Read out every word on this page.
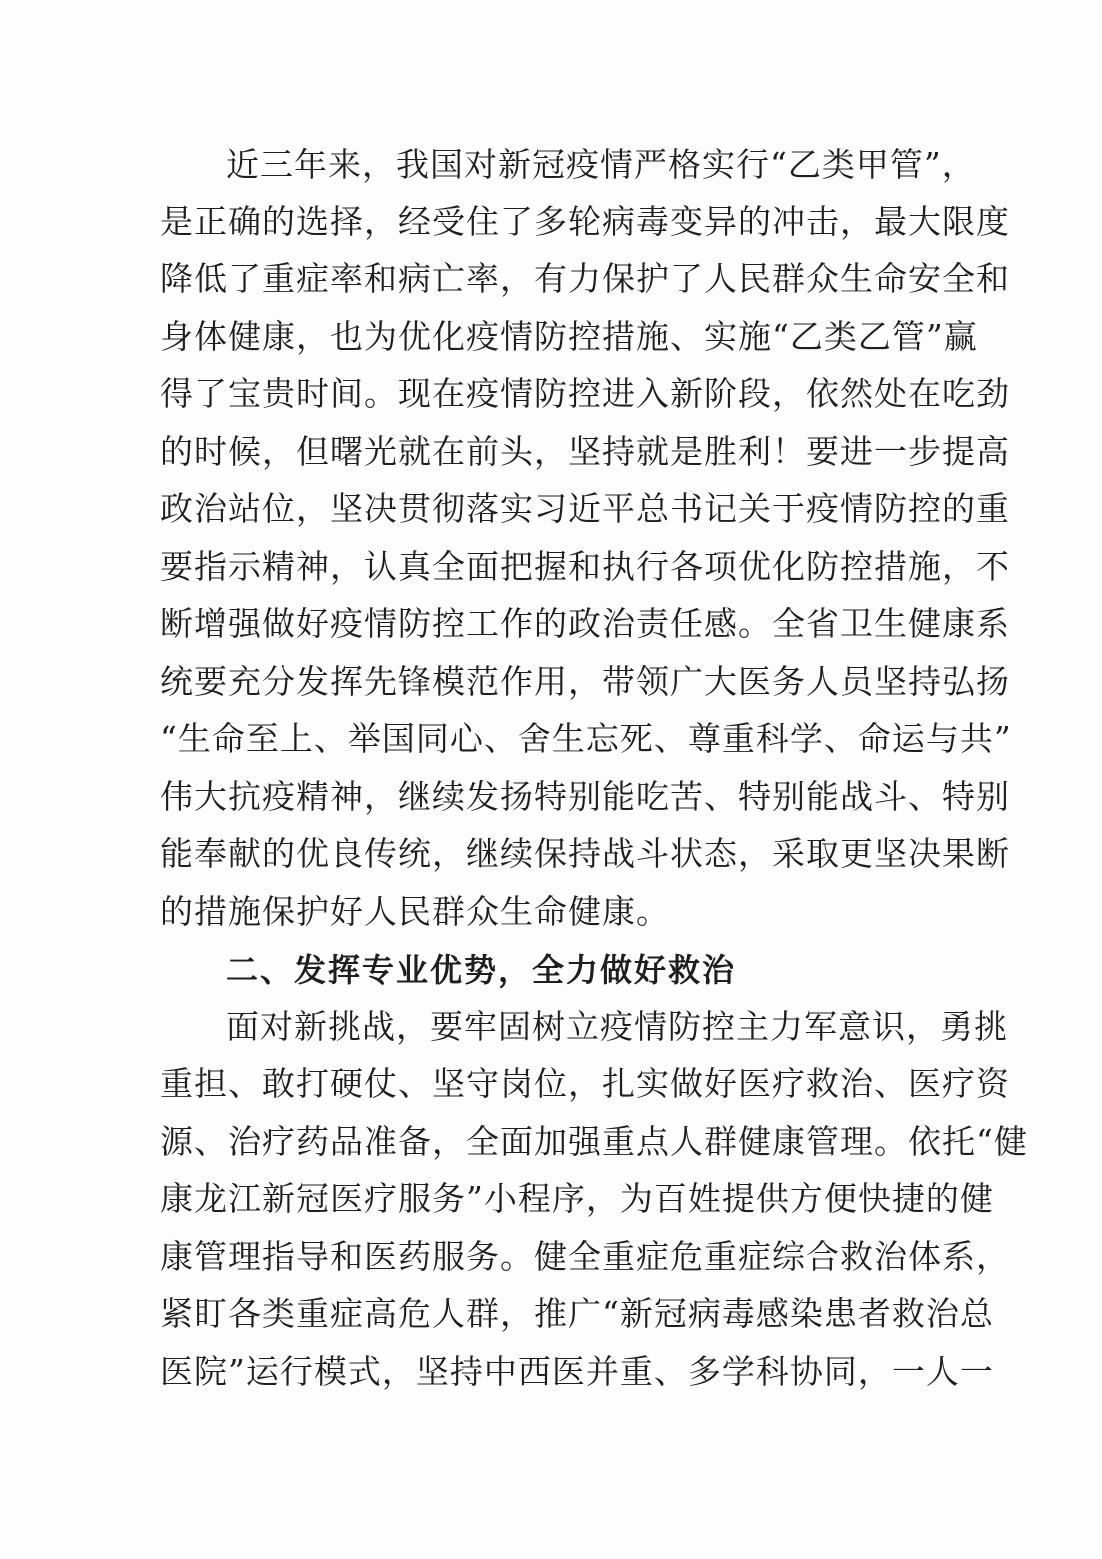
近三年来，我国对新冠疫情严格实行“乙类甲管”，
是正确的选择，经受住了多轮病毒变异的冲击，最大限度
降低了重症率和病亡率，有力保护了人民群众生命安全和
身体健康，也为优化疫情防控措施、实施“乙类乙管”赢
得了宝贵时间。现在疫情防控进入新阶段，依然处在吃劲
的时候，但曙光就在前头，坚持就是胜利！要进一步提高
政治站位，坚决贯彻落实习近平总书记关于疫情防控的重
要指示精神，认真全面把握和执行各项优化防控措施，不
断增强做好疫情防控工作的政治责任感。全省卫生健康系
统要充分发挥先锋模范作用，带领广大医务人员坚持弘扬
“生命至上、举国同心、舍生忘死、尊重科学、命运与共”
伟大抗疫精神，继续发扬特别能吃苦、特别能战斗、特别
能奉献的优良传统，继续保持战斗状态，采取更坚决果断
的措施保护好人民群众生命健康。
二、发挥专业优势，全力做好救治
面对新挑战，要牢固树立疫情防控主力军意识，勇挑
重担、敢打硬仗、坚守岗位，扎实做好医疗救治、医疗资
源、治疗药品准备，全面加强重点人群健康管理。依托“健
康龙江新冠医疗服务”小程序，为百姓提供方便快捷的健
康管理指导和医药服务。健全重症危重症综合救治体系，
紧盯各类重症高危人群，推广“新冠病毒感染患者救治总
医院”运行模式，坚持中西医并重、多学科协同，一人一
